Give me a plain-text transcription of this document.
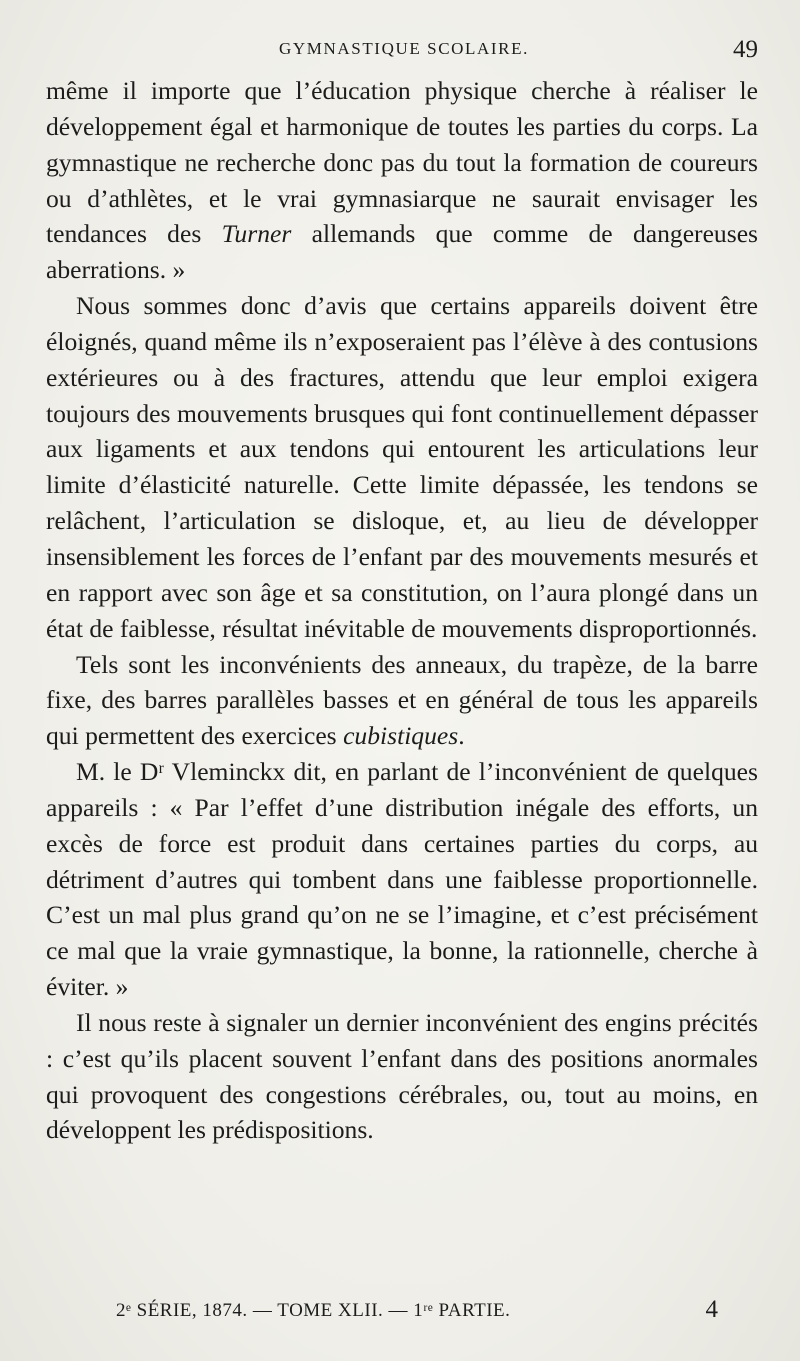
GYMNASTIQUE SCOLAIRE.	49

même il importe que l’éducation physique cherche à réaliser le développement égal et harmonique de toutes les parties du corps. La gymnastique ne recherche donc pas du tout la formation de coureurs ou d’athlètes, et le vrai gymnasiarque ne saurait envisager les tendances des Turner allemands que comme de dangereuses aberrations. »

Nous sommes donc d’avis que certains appareils doivent être éloignés, quand même ils n’exposeraient pas l’élève à des contusions extérieures ou à des fractures, attendu que leur emploi exigera toujours des mouvements brusques qui font continuellement dépasser aux ligaments et aux tendons qui entourent les articulations leur limite d’élasticité naturelle. Cette limite dépassée, les tendons se relâchent, l’articulation se disloque, et, au lieu de développer insensiblement les forces de l’enfant par des mouvements mesurés et en rapport avec son âge et sa constitution, on l’aura plongé dans un état de faiblesse, résultat inévitable de mouvements disproportionnés.

Tels sont les inconvénients des anneaux, du trapèze, de la barre fixe, des barres parallèles basses et en général de tous les appareils qui permettent des exercices cubistiques.

M. le Dʳ Vleminckx dit, en parlant de l’inconvénient de quelques appareils : « Par l’effet d’une distribution inégale des efforts, un excès de force est produit dans certaines parties du corps, au détriment d’autres qui tombent dans une faiblesse proportionnelle. C’est un mal plus grand qu’on ne se l’imagine, et c’est précisément ce mal que la vraie gymnastique, la bonne, la rationnelle, cherche à éviter. »

Il nous reste à signaler un dernier inconvénient des engins précités : c’est qu’ils placent souvent l’enfant dans des positions anormales qui provoquent des congestions cérébrales, ou, tout au moins, en développent les prédispositions.

2ᵉ SÉRIE, 1874. — TOME XLII. — 1ʳᵉ PARTIE.	4
